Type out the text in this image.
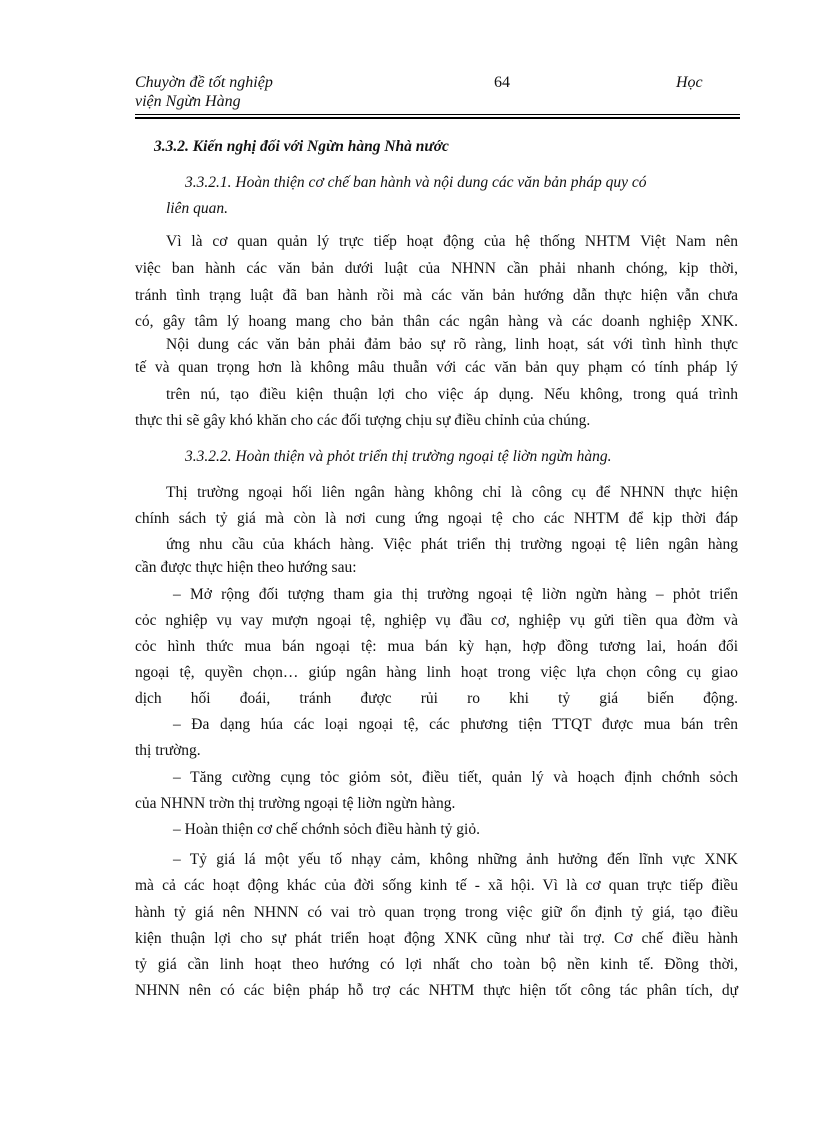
Chuyờn đề tốt nghiệp	64	Học
viện Ngừn Hàng
3.3.2. Kiến nghị đối với Ngừn hàng Nhà nước
3.3.2.1. Hoàn thiện cơ chế ban hành và nội dung các văn bản pháp quy có
liên quan.
Vì là cơ quan quản lý trực tiếp hoạt động của hệ thống NHTM Việt Nam nên
việc ban hành các văn bản dưới luật của NHNN cần phải nhanh chóng, kịp thời,
tránh tình trạng luật đã ban hành rồi mà các văn bản hướng dẫn thực hiện vẫn chưa
có, gây tâm lý hoang mang cho bản thân các ngân hàng và các doanh nghiệp XNK.
Nội dung các văn bản phải đảm bảo sự rõ ràng, linh hoạt, sát với tình hình thực
tế và quan trọng hơn là không mâu thuẫn với các văn bản quy phạm có tính pháp lý
trên nú, tạo điều kiện thuận lợi cho việc áp dụng. Nếu không, trong quá trình
thực thi sẽ gây khó khăn cho các đối tượng chịu sự điều chỉnh của chúng.
3.3.2.2. Hoàn thiện và phỏt triển thị trường ngoại tệ liờn ngừn hàng.
Thị trường ngoại hối liên ngân hàng không chỉ là công cụ để NHNN thực hiện
chính sách tỷ giá mà còn là nơi cung ứng ngoại tệ cho các NHTM để kịp thời đáp
ứng nhu cầu của khách hàng. Việc phát triển thị trường ngoại tệ liên ngân hàng
cần được thực hiện theo hướng sau:
– Mở rộng đối tượng tham gia thị trường ngoại tệ liờn ngừn hàng – phỏt triển
cỏc nghiệp vụ vay mượn ngoại tệ, nghiệp vụ đầu cơ, nghiệp vụ gửi tiền qua đờm và
cỏc hình thức mua bán ngoại tệ: mua bán kỳ hạn, hợp đồng tương lai, hoán đổi
ngoại tệ, quyền chọn… giúp ngân hàng linh hoạt trong việc lựa chọn công cụ giao
dịch hối đoái, tránh được rủi ro khi tỷ giá biến động.
– Đa dạng húa các loại ngoại tệ, các phương tiện TTQT được mua bán trên
thị trường.
– Tăng cường cụng tỏc giỏm sỏt, điều tiết, quản lý và hoạch định chớnh sỏch
của NHNN trờn thị trường ngoại tệ liờn ngừn hàng.
– Hoàn thiện cơ chế chớnh sỏch điều hành tỷ giỏ.
– Tỷ giá lá một yếu tố nhạy cảm, không những ảnh hưởng đến lĩnh vực XNK
mà cả các hoạt động khác của đời sống kinh tế - xã hội. Vì là cơ quan trực tiếp điều
hành tỷ giá nên NHNN có vai trò quan trọng trong việc giữ ổn định tỷ giá, tạo điều
kiện thuận lợi cho sự phát triển hoạt động XNK cũng như tài trợ. Cơ chế điều hành
tỷ giá cần linh hoạt theo hướng có lợi nhất cho toàn bộ nền kinh tế. Đồng thời,
NHNN nên có các biện pháp hỗ trợ các NHTM thực hiện tốt công tác phân tích, dự
